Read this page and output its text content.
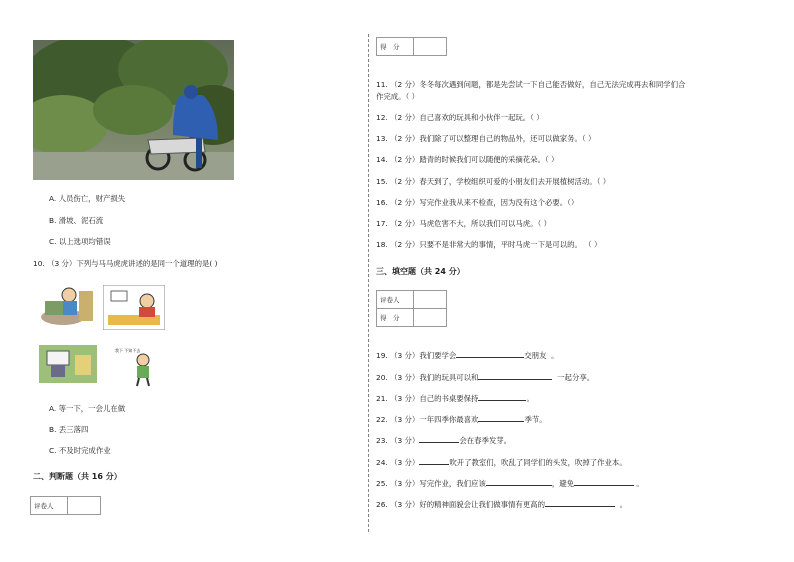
A. 人员伤亡，财产损失
B. 滑坡、泥石流
C. 以上选项均错误
10. （3 分）下列与马马虎虎讲述的是同一个道理的是( )
我下 不知不去
A. 等一下，一会儿在做
B. 丢三落四
C. 不及时完成作业
二、判断题（共 16 分）
评卷人	
得　分	
11. （2 分）冬冬每次遇到问题，都是先尝试一下自己能否做好，自己无法完成再去和同学们合
作完成。（ ）
12. （2 分）自己喜欢的玩具和小伙伴一起玩。（ ）
13. （2 分）我们除了可以整理自己的物品外，还可以做家务。（ ）
14. （2 分）踏青的时候我们可以随便的采摘花朵。（ ）
15. （2 分）春天到了，学校组织可爱的小朋友们去开展植树活动。（ ）
16. （2 分）写完作业我从来不检查，因为没有这个必要。（）
17. （2 分）马虎危害不大，所以我们可以马虎。（ ）
18. （2 分）只要不是非常大的事情，平时马虎一下是可以的。 （ ）
三、填空题（共 24 分）
评卷人	
得　分	
19. （3 分）我们要学会	交朋友 。
20. （3 分）我们的玩具可以和	一起分享。
21. （3 分）自己的书桌要保持	。
22. （3 分）一年四季你最喜欢	季节。
23. （3 分）	会在春季发芽。
24. （3 分）	吹开了教室们，吹乱了同学们的头发，吹掉了作业本。
25. （3 分）写完作业，我们应该	，避免	。
26. （3 分）好的精神面貌会让我们做事情有更高的	。
